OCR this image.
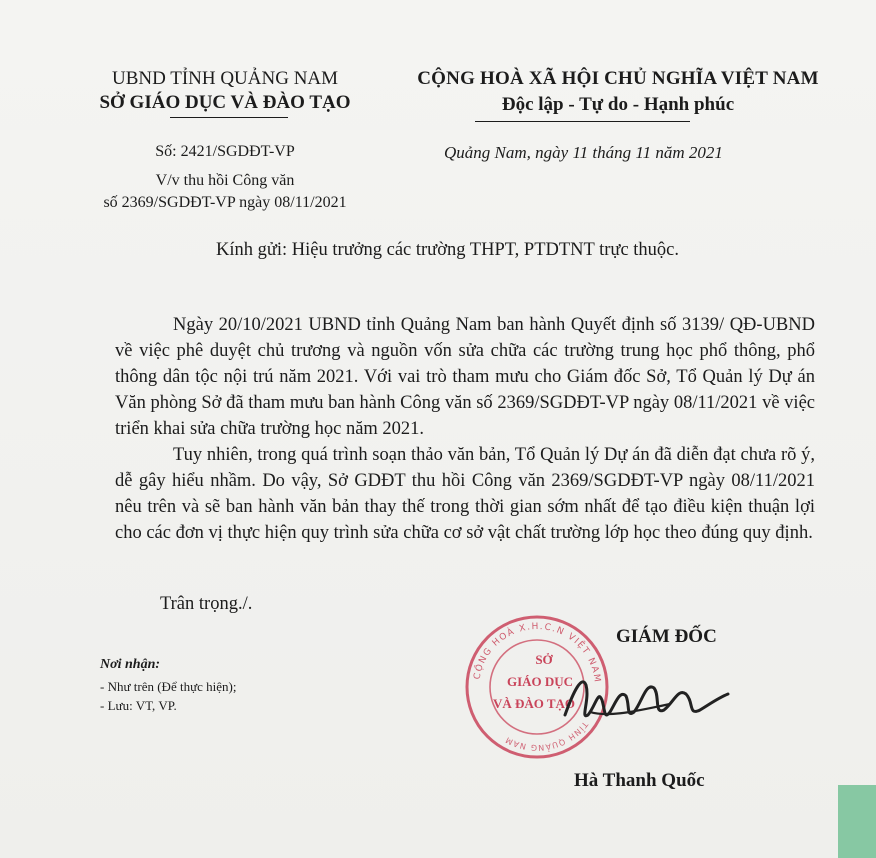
UBND TỈNH QUẢNG NAM
SỞ GIÁO DỤC VÀ ĐÀO TẠO
CỘNG HOÀ XÃ HỘI CHỦ NGHĨA VIỆT NAM
Độc lập - Tự do - Hạnh phúc
Số: 2421/SGDĐT-VP	Quảng Nam, ngày 11 tháng 11 năm 2021
V/v thu hồi Công văn
số 2369/SGDĐT-VP ngày 08/11/2021
Kính gửi: Hiệu trưởng các trường THPT, PTDTNT trực thuộc.

Ngày 20/10/2021 UBND tỉnh Quảng Nam ban hành Quyết định số 3139/ QĐ-UBND về việc phê duyệt chủ trương và nguồn vốn sửa chữa các trường trung học phổ thông, phổ thông dân tộc nội trú năm 2021. Với vai trò tham mưu cho Giám đốc Sở, Tổ Quản lý Dự án Văn phòng Sở đã tham mưu ban hành Công văn số 2369/SGDĐT-VP ngày 08/11/2021 về việc triển khai sửa chữa trường học năm 2021.

Tuy nhiên, trong quá trình soạn thảo văn bản, Tổ Quản lý Dự án đã diễn đạt chưa rõ ý, dễ gây hiểu nhầm. Do vậy, Sở GDĐT thu hồi Công văn 2369/SGDĐT-VP ngày 08/11/2021 nêu trên và sẽ ban hành văn bản thay thế trong thời gian sớm nhất để tạo điều kiện thuận lợi cho các đơn vị thực hiện quy trình sửa chữa cơ sở vật chất trường lớp học theo đúng quy định.

Trân trọng./.
Nơi nhận:
- Như trên (Để thực hiện);
- Lưu: VT, VP.
GIÁM ĐỐC
CỘNG HOÀ X.H.C.N VIỆT NAM
TỈNH QUẢNG NAM
SỞ
GIÁO DỤC
VÀ ĐÀO TẠO
Hà Thanh Quốc
